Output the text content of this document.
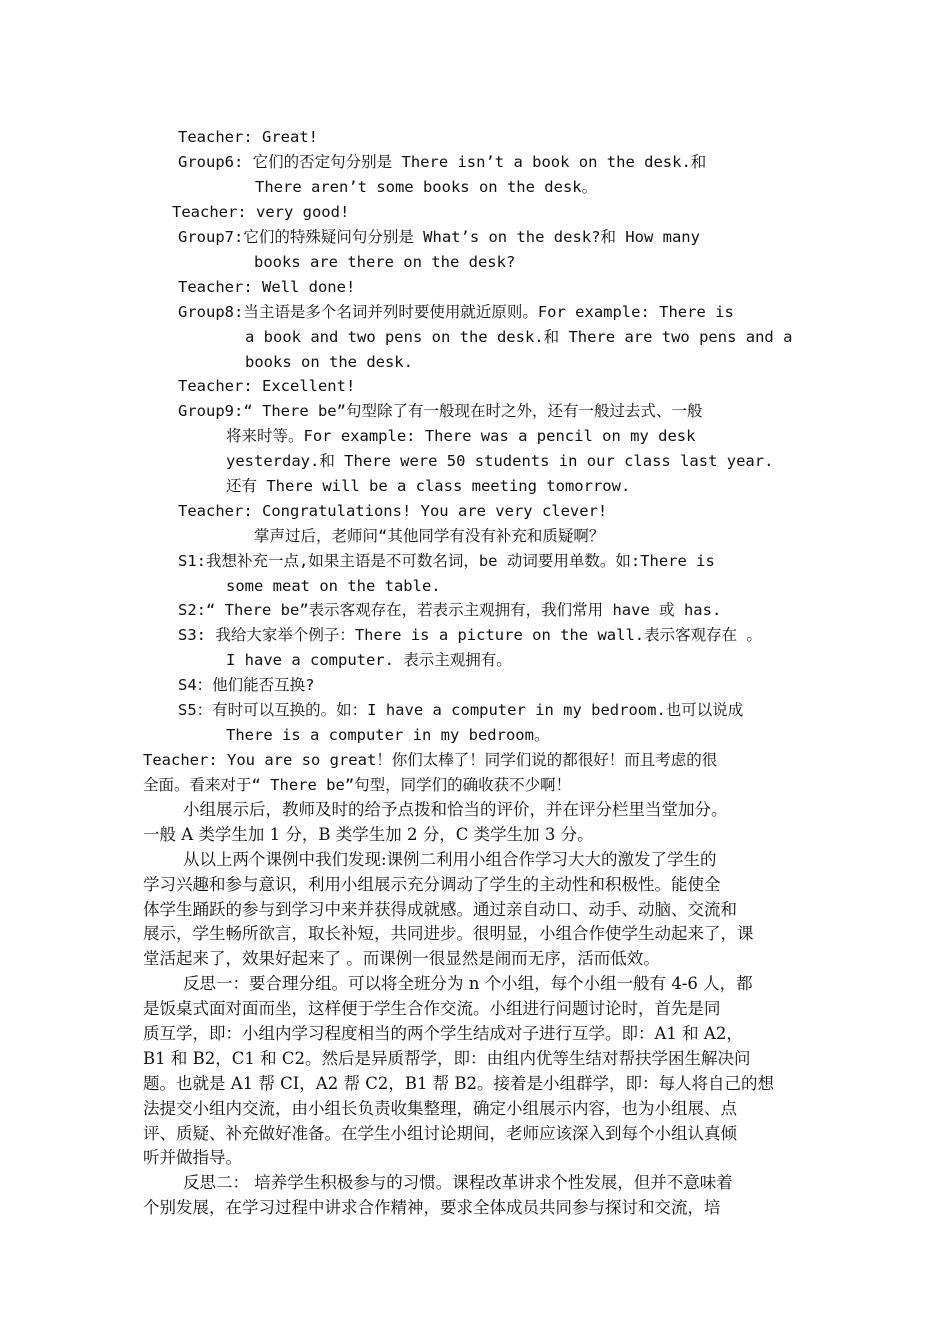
Teacher: Great!
Group6: 它们的否定句分别是 There isn’t a book on the desk.和
There aren’t some books on the desk。
Teacher: very good!
Group7:它们的特殊疑问句分别是 What’s on the desk?和 How many
books are there on the desk?
Teacher: Well done!
Group8:当主语是多个名词并列时要使用就近原则。For example: There is
a book and two pens on the desk.和 There are two pens and a
books on the desk.
Teacher: Excellent!
Group9:“ There be”句型除了有一般现在时之外，还有一般过去式、一般
将来时等。For example: There was a pencil on my desk
yesterday.和 There were 50 students in our class last year.
还有 There will be a class meeting tomorrow.
Teacher: Congratulations! You are very clever!
掌声过后，老师问“其他同学有没有补充和质疑啊？
S1:我想补充一点,如果主语是不可数名词，be 动词要用单数。如:There is
some meat on the table.
S2:“ There be”表示客观存在，若表示主观拥有，我们常用 have 或 has.
S3: 我给大家举个例子：There is a picture on the wall.表示客观存在 。
I have a computer. 表示主观拥有。
S4：他们能否互换?
S5：有时可以互换的。如：I have a computer in my bedroom.也可以说成
There is a computer in my bedroom。
Teacher: You are so great！你们太棒了！同学们说的都很好！而且考虑的很
全面。看来对于“ There be”句型，同学们的确收获不少啊！
小组展示后，教师及时的给予点拨和恰当的评价，并在评分栏里当堂加分。
一般 A 类学生加 1 分，B 类学生加 2 分，C 类学生加 3 分。
从以上两个课例中我们发现:课例二利用小组合作学习大大的激发了学生的
学习兴趣和参与意识，利用小组展示充分调动了学生的主动性和积极性。能使全
体学生踊跃的参与到学习中来并获得成就感。通过亲自动口、动手、动脑、交流和
展示，学生畅所欲言，取长补短，共同进步。很明显，小组合作使学生动起来了，课
堂活起来了，效果好起来了 。而课例一很显然是闹而无序，活而低效。
反思一：要合理分组。可以将全班分为 n 个小组，每个小组一般有 4-6 人，都
是饭桌式面对面而坐，这样便于学生合作交流。小组进行问题讨论时，首先是同
质互学，即：小组内学习程度相当的两个学生结成对子进行互学。即：A1 和 A2，
B1 和 B2，C1 和 C2。然后是异质帮学，即：由组内优等生结对帮扶学困生解决问
题。也就是 A1 帮 CI，A2 帮 C2，B1 帮 B2。接着是小组群学，即：每人将自己的想
法提交小组内交流，由小组长负责收集整理，确定小组展示内容，也为小组展、点
评、质疑、补充做好准备。在学生小组讨论期间，老师应该深入到每个小组认真倾
听并做指导。
反思二： 培养学生积极参与的习惯。课程改革讲求个性发展，但并不意味着
个别发展，在学习过程中讲求合作精神，要求全体成员共同参与探讨和交流，培
